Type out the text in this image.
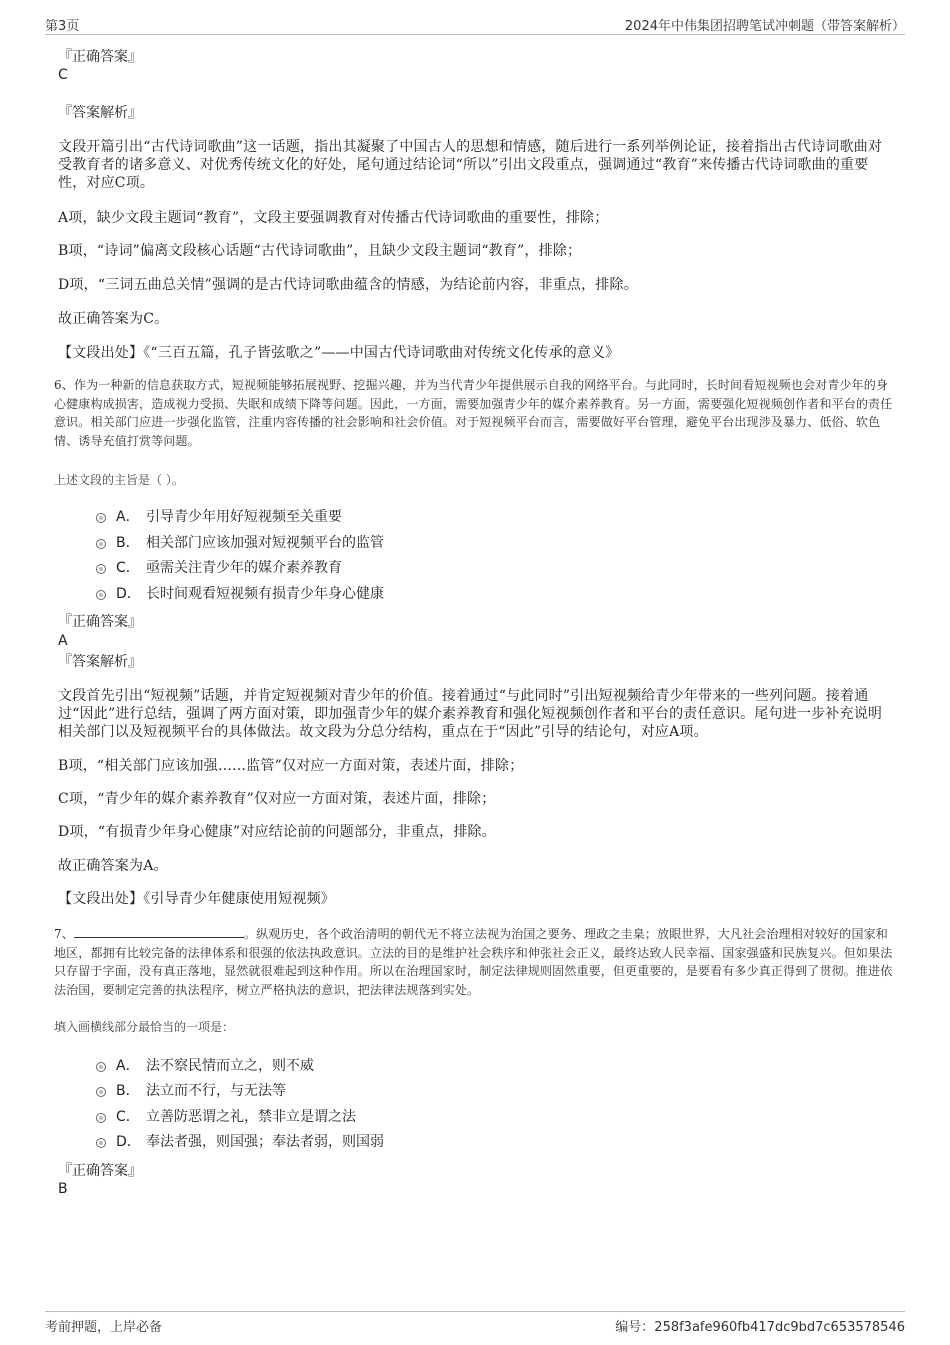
第3页	2024年中伟集团招聘笔试冲刺题（带答案解析）
『正确答案』
C
『答案解析』
文段开篇引出“古代诗词歌曲”这一话题，指出其凝聚了中国古人的思想和情感，随后进行一系列举例论证，接着指出古代诗词歌曲对受教育者的诸多意义、对优秀传统文化的好处，尾句通过结论词“所以”引出文段重点，强调通过“教育”来传播古代诗词歌曲的重要性，对应C项。
A项，缺少文段主题词“教育”，文段主要强调教育对传播古代诗词歌曲的重要性，排除；
B项，“诗词”偏离文段核心话题“古代诗词歌曲”，且缺少文段主题词“教育”，排除；
D项，“三词五曲总关情”强调的是古代诗词歌曲蕴含的情感，为结论前内容，非重点，排除。
故正确答案为C。
【文段出处】《“三百五篇，孔子皆弦歌之”——中国古代诗词歌曲对传统文化传承的意义》
6、作为一种新的信息获取方式，短视频能够拓展视野、挖掘兴趣，并为当代青少年提供展示自我的网络平台。与此同时，长时间看短视频也会对青少年的身心健康构成损害，造成视力受损、失眠和成绩下降等问题。因此，一方面，需要加强青少年的媒介素养教育。另一方面，需要强化短视频创作者和平台的责任意识。相关部门应进一步强化监管，注重内容传播的社会影响和社会价值。对于短视频平台而言，需要做好平台管理，避免平台出现涉及暴力、低俗、软色情、诱导充值打赏等问题。
上述文段的主旨是（ ）。
A． 引导青少年用好短视频至关重要
B． 相关部门应该加强对短视频平台的监管
C． 亟需关注青少年的媒介素养教育
D． 长时间观看短视频有损青少年身心健康
『正确答案』
A
『答案解析』
文段首先引出“短视频”话题，并肯定短视频对青少年的价值。接着通过“与此同时”引出短视频给青少年带来的一些列问题。接着通过“因此”进行总结，强调了两方面对策，即加强青少年的媒介素养教育和强化短视频创作者和平台的责任意识。尾句进一步补充说明相关部门以及短视频平台的具体做法。故文段为分总分结构，重点在于“因此”引导的结论句，对应A项。
B项，“相关部门应该加强……监管”仅对应一方面对策，表述片面，排除；
C项，“青少年的媒介素养教育”仅对应一方面对策，表述片面，排除；
D项，“有损青少年身心健康”对应结论前的问题部分，非重点，排除。
故正确答案为A。
【文段出处】《引导青少年健康使用短视频》
7、	。纵观历史，各个政治清明的朝代无不将立法视为治国之要务、理政之圭臬；放眼世界，大凡社会治理相对较好的国家和地区，都拥有比较完备的法律体系和很强的依法执政意识。立法的目的是维护社会秩序和伸张社会正义，最终达致人民幸福、国家强盛和民族复兴。但如果法只存留于字面，没有真正落地，显然就很难起到这种作用。所以在治理国家时，制定法律规则固然重要，但更重要的，是要看有多少真正得到了贯彻。推进依法治国，要制定完善的执法程序，树立严格执法的意识，把法律法规落到实处。
填入画横线部分最恰当的一项是：
A． 法不察民情而立之，则不威
B． 法立而不行，与无法等
C． 立善防恶谓之礼，禁非立是谓之法
D． 奉法者强，则国强；奉法者弱，则国弱
『正确答案』
B
考前押题，上岸必备	编号：258f3afe960fb417dc9bd7c653578546
